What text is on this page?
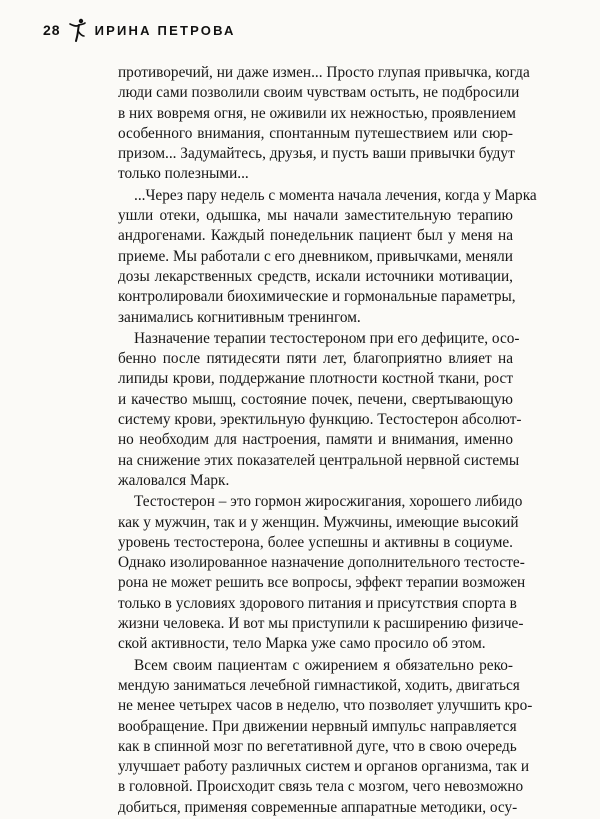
28	ИРИНА ПЕТРОВА
противоречий, ни даже измен... Просто глупая привычка, когда
люди сами позволили своим чувствам остыть, не подбросили
в них вовремя огня, не оживили их нежностью, проявлением
особенного внимания, спонтанным путешествием или сюр-
призом... Задумайтесь, друзья, и пусть ваши привычки будут
только полезными...
...Через пару недель с момента начала лечения, когда у Марка
ушли отеки, одышка, мы начали заместительную терапию
андрогенами. Каждый понедельник пациент был у меня на
приеме. Мы работали с его дневником, привычками, меняли
дозы лекарственных средств, искали источники мотивации,
контролировали биохимические и гормональные параметры,
занимались когнитивным тренингом.
Назначение терапии тестостероном при его дефиците, осо-
бенно после пятидесяти пяти лет, благоприятно влияет на
липиды крови, поддержание плотности костной ткани, рост
и качество мышц, состояние почек, печени, свертывающую
систему крови, эректильную функцию. Тестостерон абсолют-
но необходим для настроения, памяти и внимания, именно
на снижение этих показателей центральной нервной системы
жаловался Марк.
Тестостерон – это гормон жиросжигания, хорошего либидо
как у мужчин, так и у женщин. Мужчины, имеющие высокий
уровень тестостерона, более успешны и активны в социуме.
Однако изолированное назначение дополнительного тестосте-
рона не может решить все вопросы, эффект терапии возможен
только в условиях здорового питания и присутствия спорта в
жизни человека. И вот мы приступили к расширению физиче-
ской активности, тело Марка уже само просило об этом.
Всем своим пациентам с ожирением я обязательно реко-
мендую заниматься лечебной гимнастикой, ходить, двигаться
не менее четырех часов в неделю, что позволяет улучшить кро-
вообращение. При движении нервный импульс направляется
как в спинной мозг по вегетативной дуге, что в свою очередь
улучшает работу различных систем и органов организма, так и
в головной. Происходит связь тела с мозгом, чего невозможно
добиться, применяя современные аппаратные методики, осу-
